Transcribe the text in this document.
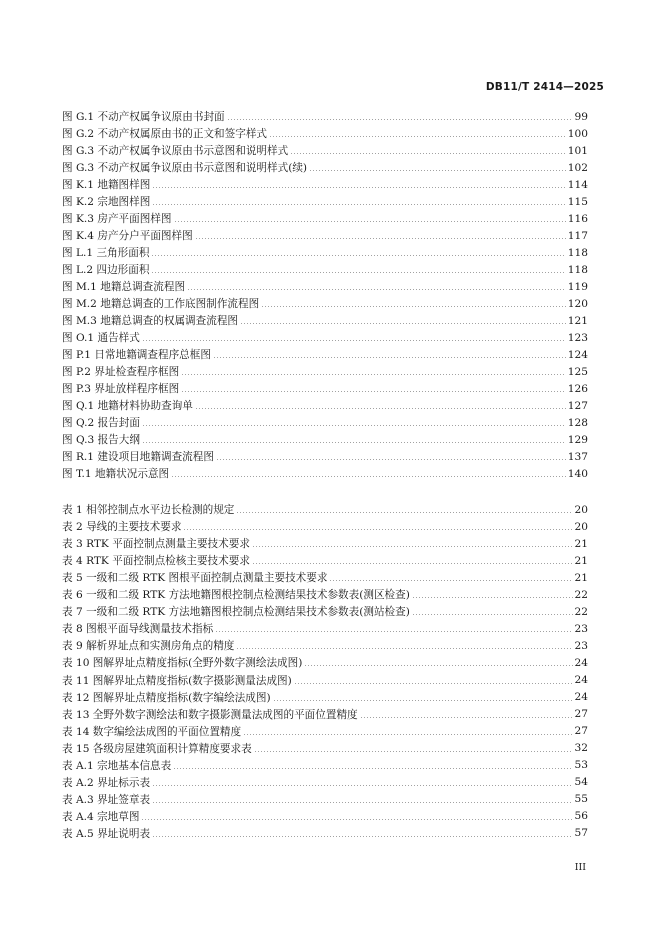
DB11/T 2414—2025
图 G.1 不动产权属争议原由书封面	99
图 G.2 不动产权属原由书的正文和签字样式	100
图 G.3 不动产权属争议原由书示意图和说明样式	101
图 G.3 不动产权属争议原由书示意图和说明样式(续)	102
图 K.1 地籍图样图	114
图 K.2 宗地图样图	115
图 K.3 房产平面图样图	116
图 K.4 房产分户平面图样图	117
图 L.1 三角形面积	118
图 L.2 四边形面积	118
图 M.1 地籍总调查流程图	119
图 M.2 地籍总调查的工作底图制作流程图	120
图 M.3 地籍总调查的权属调查流程图	121
图 O.1 通告样式	123
图 P.1 日常地籍调查程序总框图	124
图 P.2 界址检查程序框图	125
图 P.3 界址放样程序框图	126
图 Q.1 地籍材料协助查询单	127
图 Q.2 报告封面	128
图 Q.3 报告大纲	129
图 R.1 建设项目地籍调查流程图	137
图 T.1 地籍状况示意图	140
表 1 相邻控制点水平边长检测的规定	20
表 2 导线的主要技术要求	20
表 3 RTK 平面控制点测量主要技术要求	21
表 4 RTK 平面控制点检核主要技术要求	21
表 5 一级和二级 RTK 图根平面控制点测量主要技术要求	21
表 6 一级和二级 RTK 方法地籍图根控制点检测结果技术参数表(测区检查)	22
表 7 一级和二级 RTK 方法地籍图根控制点检测结果技术参数表(测站检查)	22
表 8 图根平面导线测量技术指标	23
表 9 解析界址点和实测房角点的精度	23
表 10 图解界址点精度指标(全野外数字测绘法成图)	24
表 11 图解界址点精度指标(数字摄影测量法成图)	24
表 12 图解界址点精度指标(数字编绘法成图)	24
表 13 全野外数字测绘法和数字摄影测量法成图的平面位置精度	27
表 14 数字编绘法成图的平面位置精度	27
表 15 各级房屋建筑面积计算精度要求表	32
表 A.1 宗地基本信息表	53
表 A.2 界址标示表	54
表 A.3 界址签章表	55
表 A.4 宗地草图	56
表 A.5 界址说明表	57
III
